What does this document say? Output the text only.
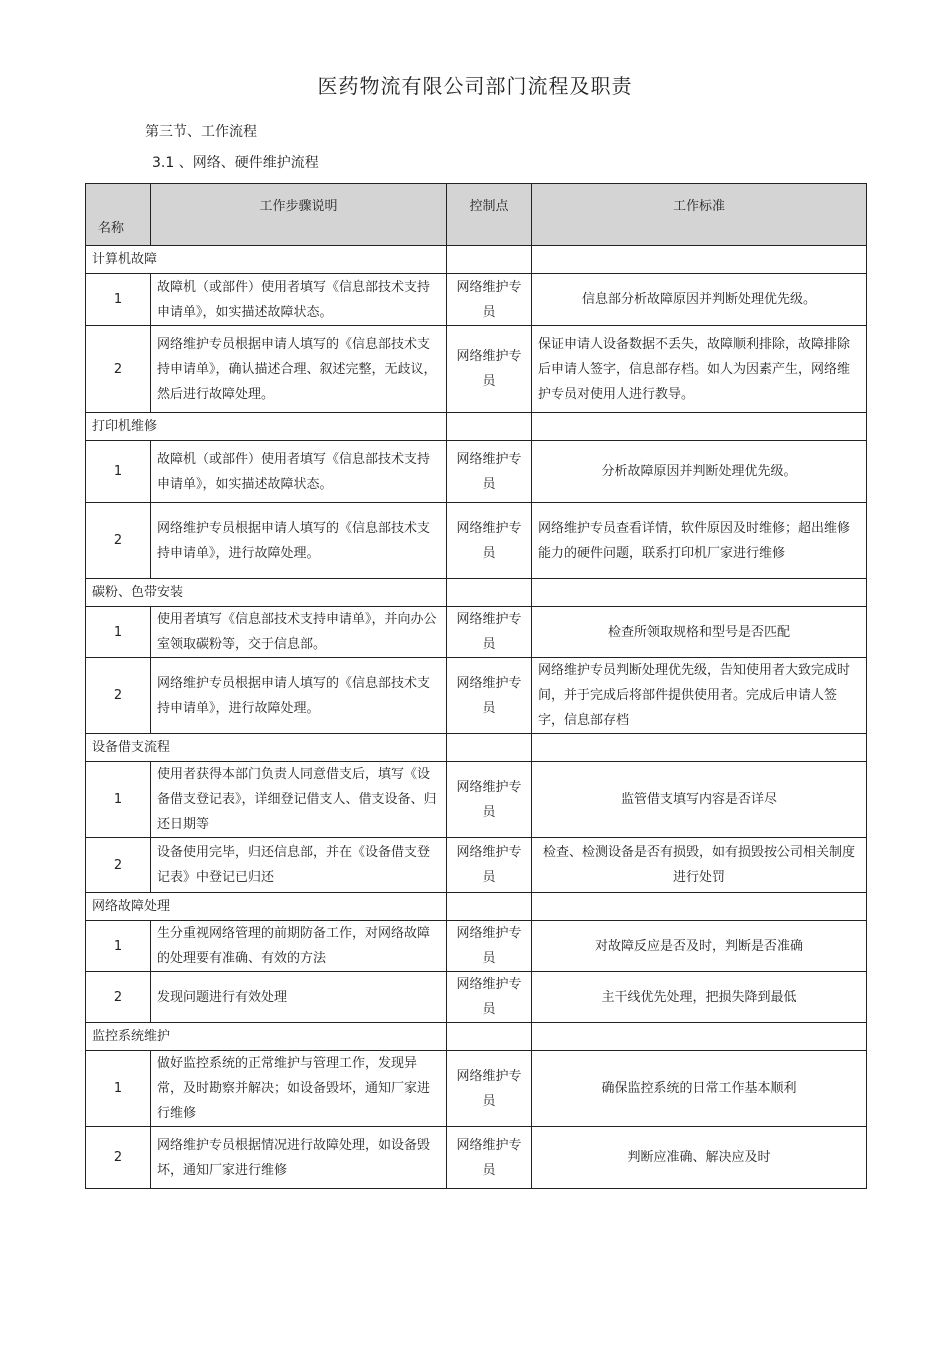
医药物流有限公司部门流程及职责
第三节、工作流程
3.1 、网络、硬件维护流程
名称	工作步骤说明	控制点	工作标准
计算机故障			
1	故障机（或部件）使用者填写《信息部技术支持申请单》，如实描述故障状态。	网络维护专员	信息部分析故障原因并判断处理优先级。
2	网络维护专员根据申请人填写的《信息部技术支持申请单》，确认描述合理、叙述完整，无歧议，然后进行故障处理。	网络维护专员	保证申请人设备数据不丢失，故障顺利排除，故障排除后申请人签字，信息部存档。如人为因素产生，网络维护专员对使用人进行教导。
打印机维修			
1	故障机（或部件）使用者填写《信息部技术支持申请单》，如实描述故障状态。	网络维护专员	分析故障原因并判断处理优先级。
2	网络维护专员根据申请人填写的《信息部技术支持申请单》，进行故障处理。	网络维护专员	网络维护专员查看详情，软件原因及时维修；超出维修能力的硬件问题，联系打印机厂家进行维修
碳粉、色带安装			
1	使用者填写《信息部技术支持申请单》，并向办公室领取碳粉等，交于信息部。	网络维护专员	检查所领取规格和型号是否匹配
2	网络维护专员根据申请人填写的《信息部技术支持申请单》，进行故障处理。	网络维护专员	网络维护专员判断处理优先级，告知使用者大致完成时间，并于完成后将部件提供使用者。完成后申请人签字，信息部存档
设备借支流程			
1	使用者获得本部门负责人同意借支后，填写《设备借支登记表》，详细登记借支人、借支设备、归还日期等	网络维护专员	监管借支填写内容是否详尽
2	设备使用完毕，归还信息部，并在《设备借支登记表》中登记已归还	网络维护专员	检查、检测设备是否有损毁，如有损毁按公司相关制度进行处罚
网络故障处理			
1	生分重视网络管理的前期防备工作，对网络故障的处理要有准确、有效的方法	网络维护专员	对故障反应是否及时，判断是否准确
2	发现问题进行有效处理	网络维护专员	主干线优先处理，把损失降到最低
监控系统维护			
1	做好监控系统的正常维护与管理工作，发现异常，及时勘察并解决；如设备毁坏，通知厂家进行维修	网络维护专员	确保监控系统的日常工作基本顺利
2	网络维护专员根据情况进行故障处理，如设备毁坏，通知厂家进行维修	网络维护专员	判断应准确、解决应及时
